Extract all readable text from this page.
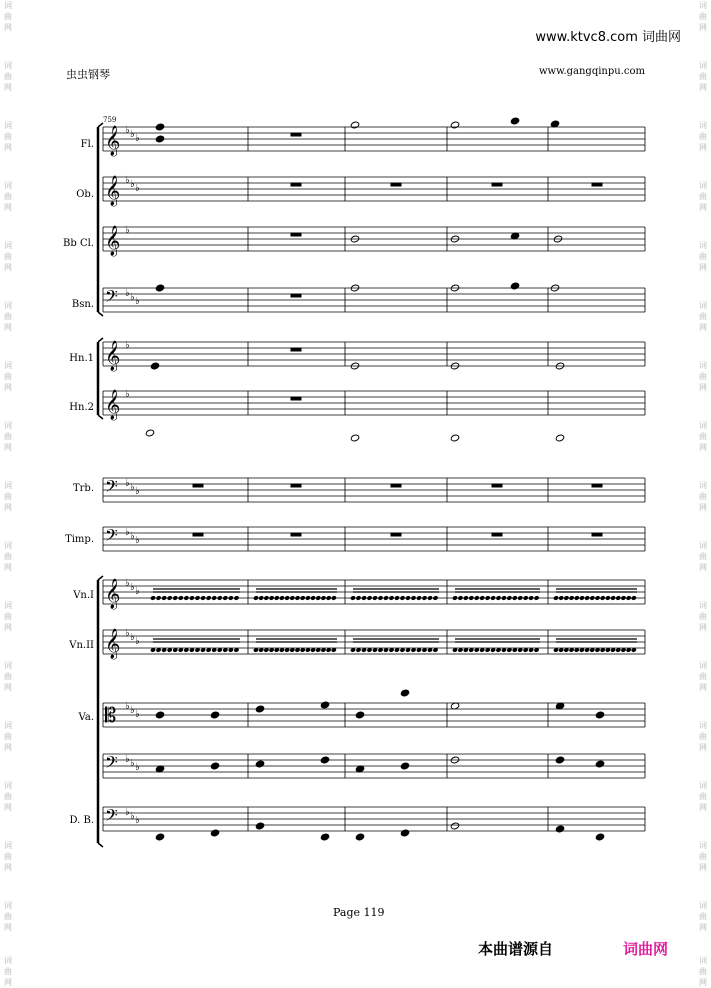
www.ktvc8.com 词曲网
虫虫钢琴	www.gangqinpu.com
759
Fl.
Ob.
Bb Cl.
Bsn.
Hn.1
Hn.2
Trb.
Timp.
Vn.I
Vn.II
Va.
D. B.
词曲网
词曲网
词曲网
词曲网
词曲网
词曲网
词曲网
词曲网
词曲网
词曲网
词曲网
词曲网
词曲网
词曲网
词曲网
词曲网
词曲网
词曲网
词曲网
词曲网
词曲网
词曲网
词曲网
词曲网
词曲网
词曲网
词曲网
词曲网
词曲网
词曲网
词曲网
词曲网
词曲网
词曲网
𝄞 ♭ ♭ ♭
𝄞 ♭ ♭ ♭
𝄞 ♭
𝄢 ♭ ♭ ♭
𝄞 ♭
𝄞 ♭
𝄢 ♭ ♭ ♭
𝄢 ♭ ♭ ♭
𝄞 ♭ ♭ ♭
𝄞 ♭ ♭ ♭
𝄡 ♭ ♭ ♭
𝄢 ♭ ♭ ♭
𝄢 ♭ ♭ ♭
Page 119
本曲谱源自	词曲网
